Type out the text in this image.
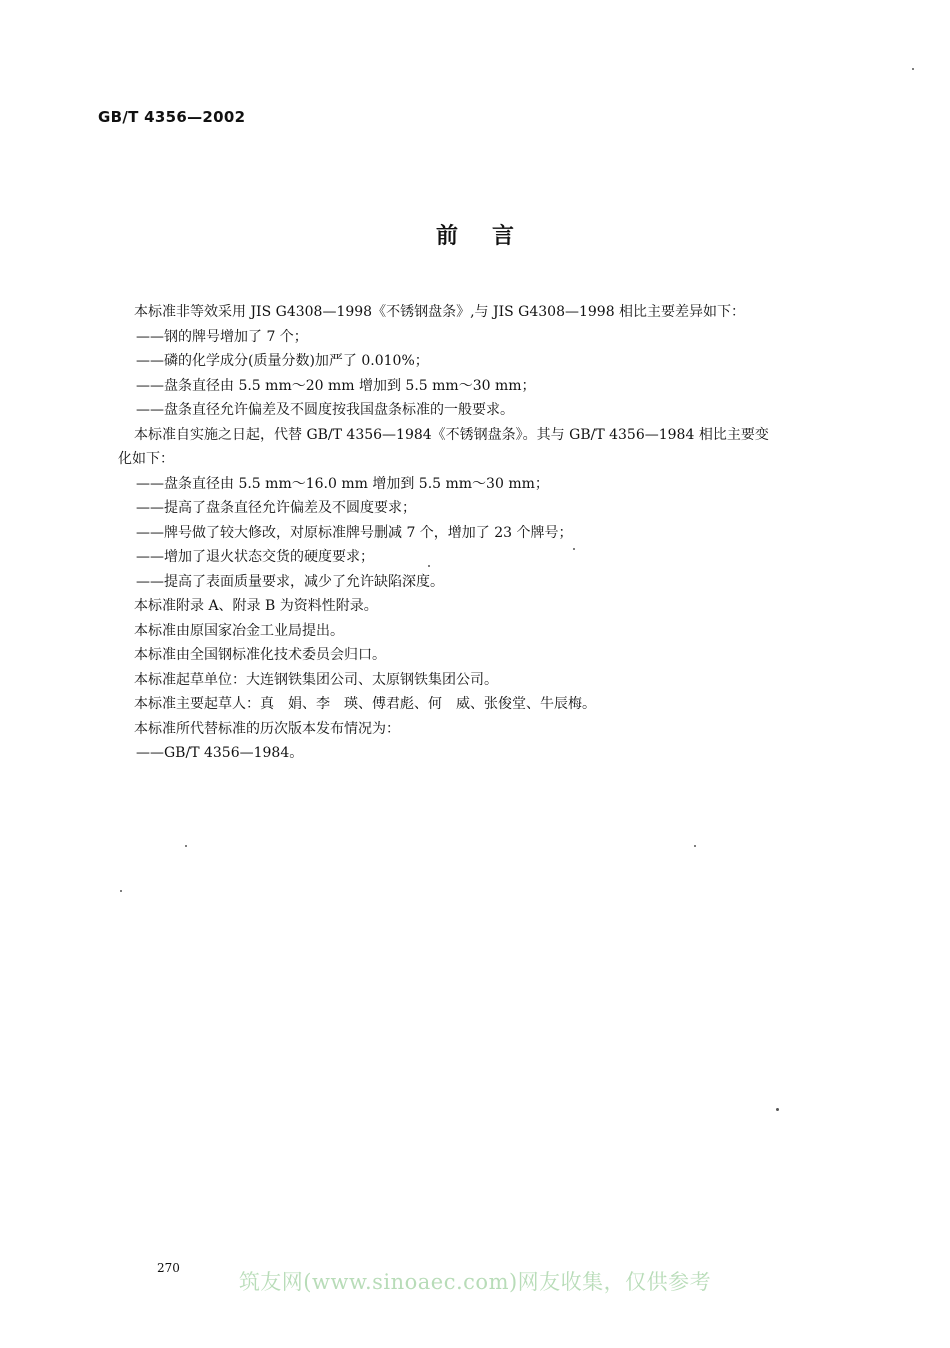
GB/T 4356—2002
前言
本标准非等效采用 JIS G4308—1998《不锈钢盘条》,与 JIS G4308—1998 相比主要差异如下：
——钢的牌号增加了 7 个；
——磷的化学成分(质量分数)加严了 0.010%；
——盘条直径由 5.5 mm～20 mm 增加到 5.5 mm～30 mm；
——盘条直径允许偏差及不圆度按我国盘条标准的一般要求。
本标准自实施之日起，代替 GB/T 4356—1984《不锈钢盘条》。其与 GB/T 4356—1984 相比主要变
化如下：
——盘条直径由 5.5 mm～16.0 mm 增加到 5.5 mm～30 mm；
——提高了盘条直径允许偏差及不圆度要求；
——牌号做了较大修改，对原标准牌号删减 7 个，增加了 23 个牌号；
——增加了退火状态交货的硬度要求；
——提高了表面质量要求，减少了允许缺陷深度。
本标准附录 A、附录 B 为资料性附录。
本标准由原国家冶金工业局提出。
本标准由全国钢标准化技术委员会归口。
本标准起草单位：大连钢铁集团公司、太原钢铁集团公司。
本标准主要起草人：真　娟、李　瑛、傅君彪、何　威、张俊堂、牛辰梅。
本标准所代替标准的历次版本发布情况为：
——GB/T 4356—1984。
270
筑友网(www.sinoaec.com)网友收集，仅供参考
